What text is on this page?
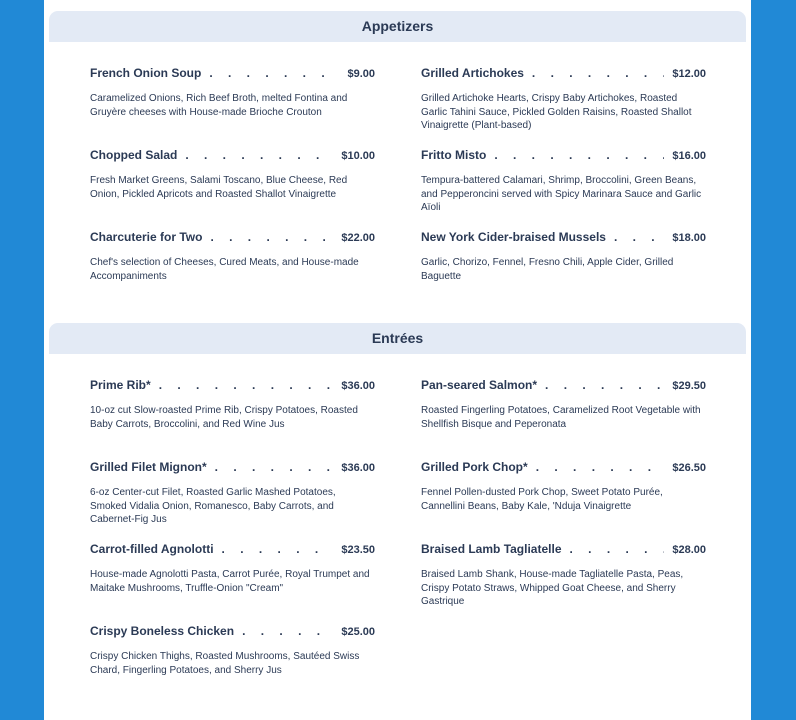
Appetizers
French Onion Soup . . .	$9.00
Caramelized Onions, Rich Beef Broth, melted Fontina and Gruyère cheeses with House-made Brioche Crouton
Grilled Artichokes . . .	$12.00
Grilled Artichoke Hearts, Crispy Baby Artichokes, Roasted Garlic Tahini Sauce, Pickled Golden Raisins, Roasted Shallot Vinaigrette (Plant-based)
Chopped Salad . . .	$10.00
Fresh Market Greens, Salami Toscano, Blue Cheese, Red Onion, Pickled Apricots and Roasted Shallot Vinaigrette
Fritto Misto . . .	$16.00
Tempura-battered Calamari, Shrimp, Broccolini, Green Beans, and Pepperoncini served with Spicy Marinara Sauce and Garlic Aïoli
Charcuterie for Two . . .	$22.00
Chef's selection of Cheeses, Cured Meats, and House-made Accompaniments
New York Cider-braised Mussels . . .	$18.00
Garlic, Chorizo, Fennel, Fresno Chili, Apple Cider, Grilled Baguette
Entrées
Prime Rib* . . .	$36.00
10-oz cut Slow-roasted Prime Rib, Crispy Potatoes, Roasted Baby Carrots, Broccolini, and Red Wine Jus
Pan-seared Salmon* . . .	$29.50
Roasted Fingerling Potatoes, Caramelized Root Vegetable with Shellfish Bisque and Peperonata
Grilled Filet Mignon* . . .	$36.00
6-oz Center-cut Filet, Roasted Garlic Mashed Potatoes, Smoked Vidalia Onion, Romanesco, Baby Carrots, and Cabernet-Fig Jus
Grilled Pork Chop* . . .	$26.50
Fennel Pollen-dusted Pork Chop, Sweet Potato Purée, Cannellini Beans, Baby Kale, 'Nduja Vinaigrette
Carrot-filled Agnolotti . . .	$23.50
House-made Agnolotti Pasta, Carrot Purée, Royal Trumpet and Maitake Mushrooms, Truffle-Onion "Cream"
Braised Lamb Tagliatelle . . .	$28.00
Braised Lamb Shank, House-made Tagliatelle Pasta, Peas, Crispy Potato Straws, Whipped Goat Cheese, and Sherry Gastrique
Crispy Boneless Chicken . . .	$25.00
Crispy Chicken Thighs, Roasted Mushrooms, Sautéed Swiss Chard, Fingerling Potatoes, and Sherry Jus
